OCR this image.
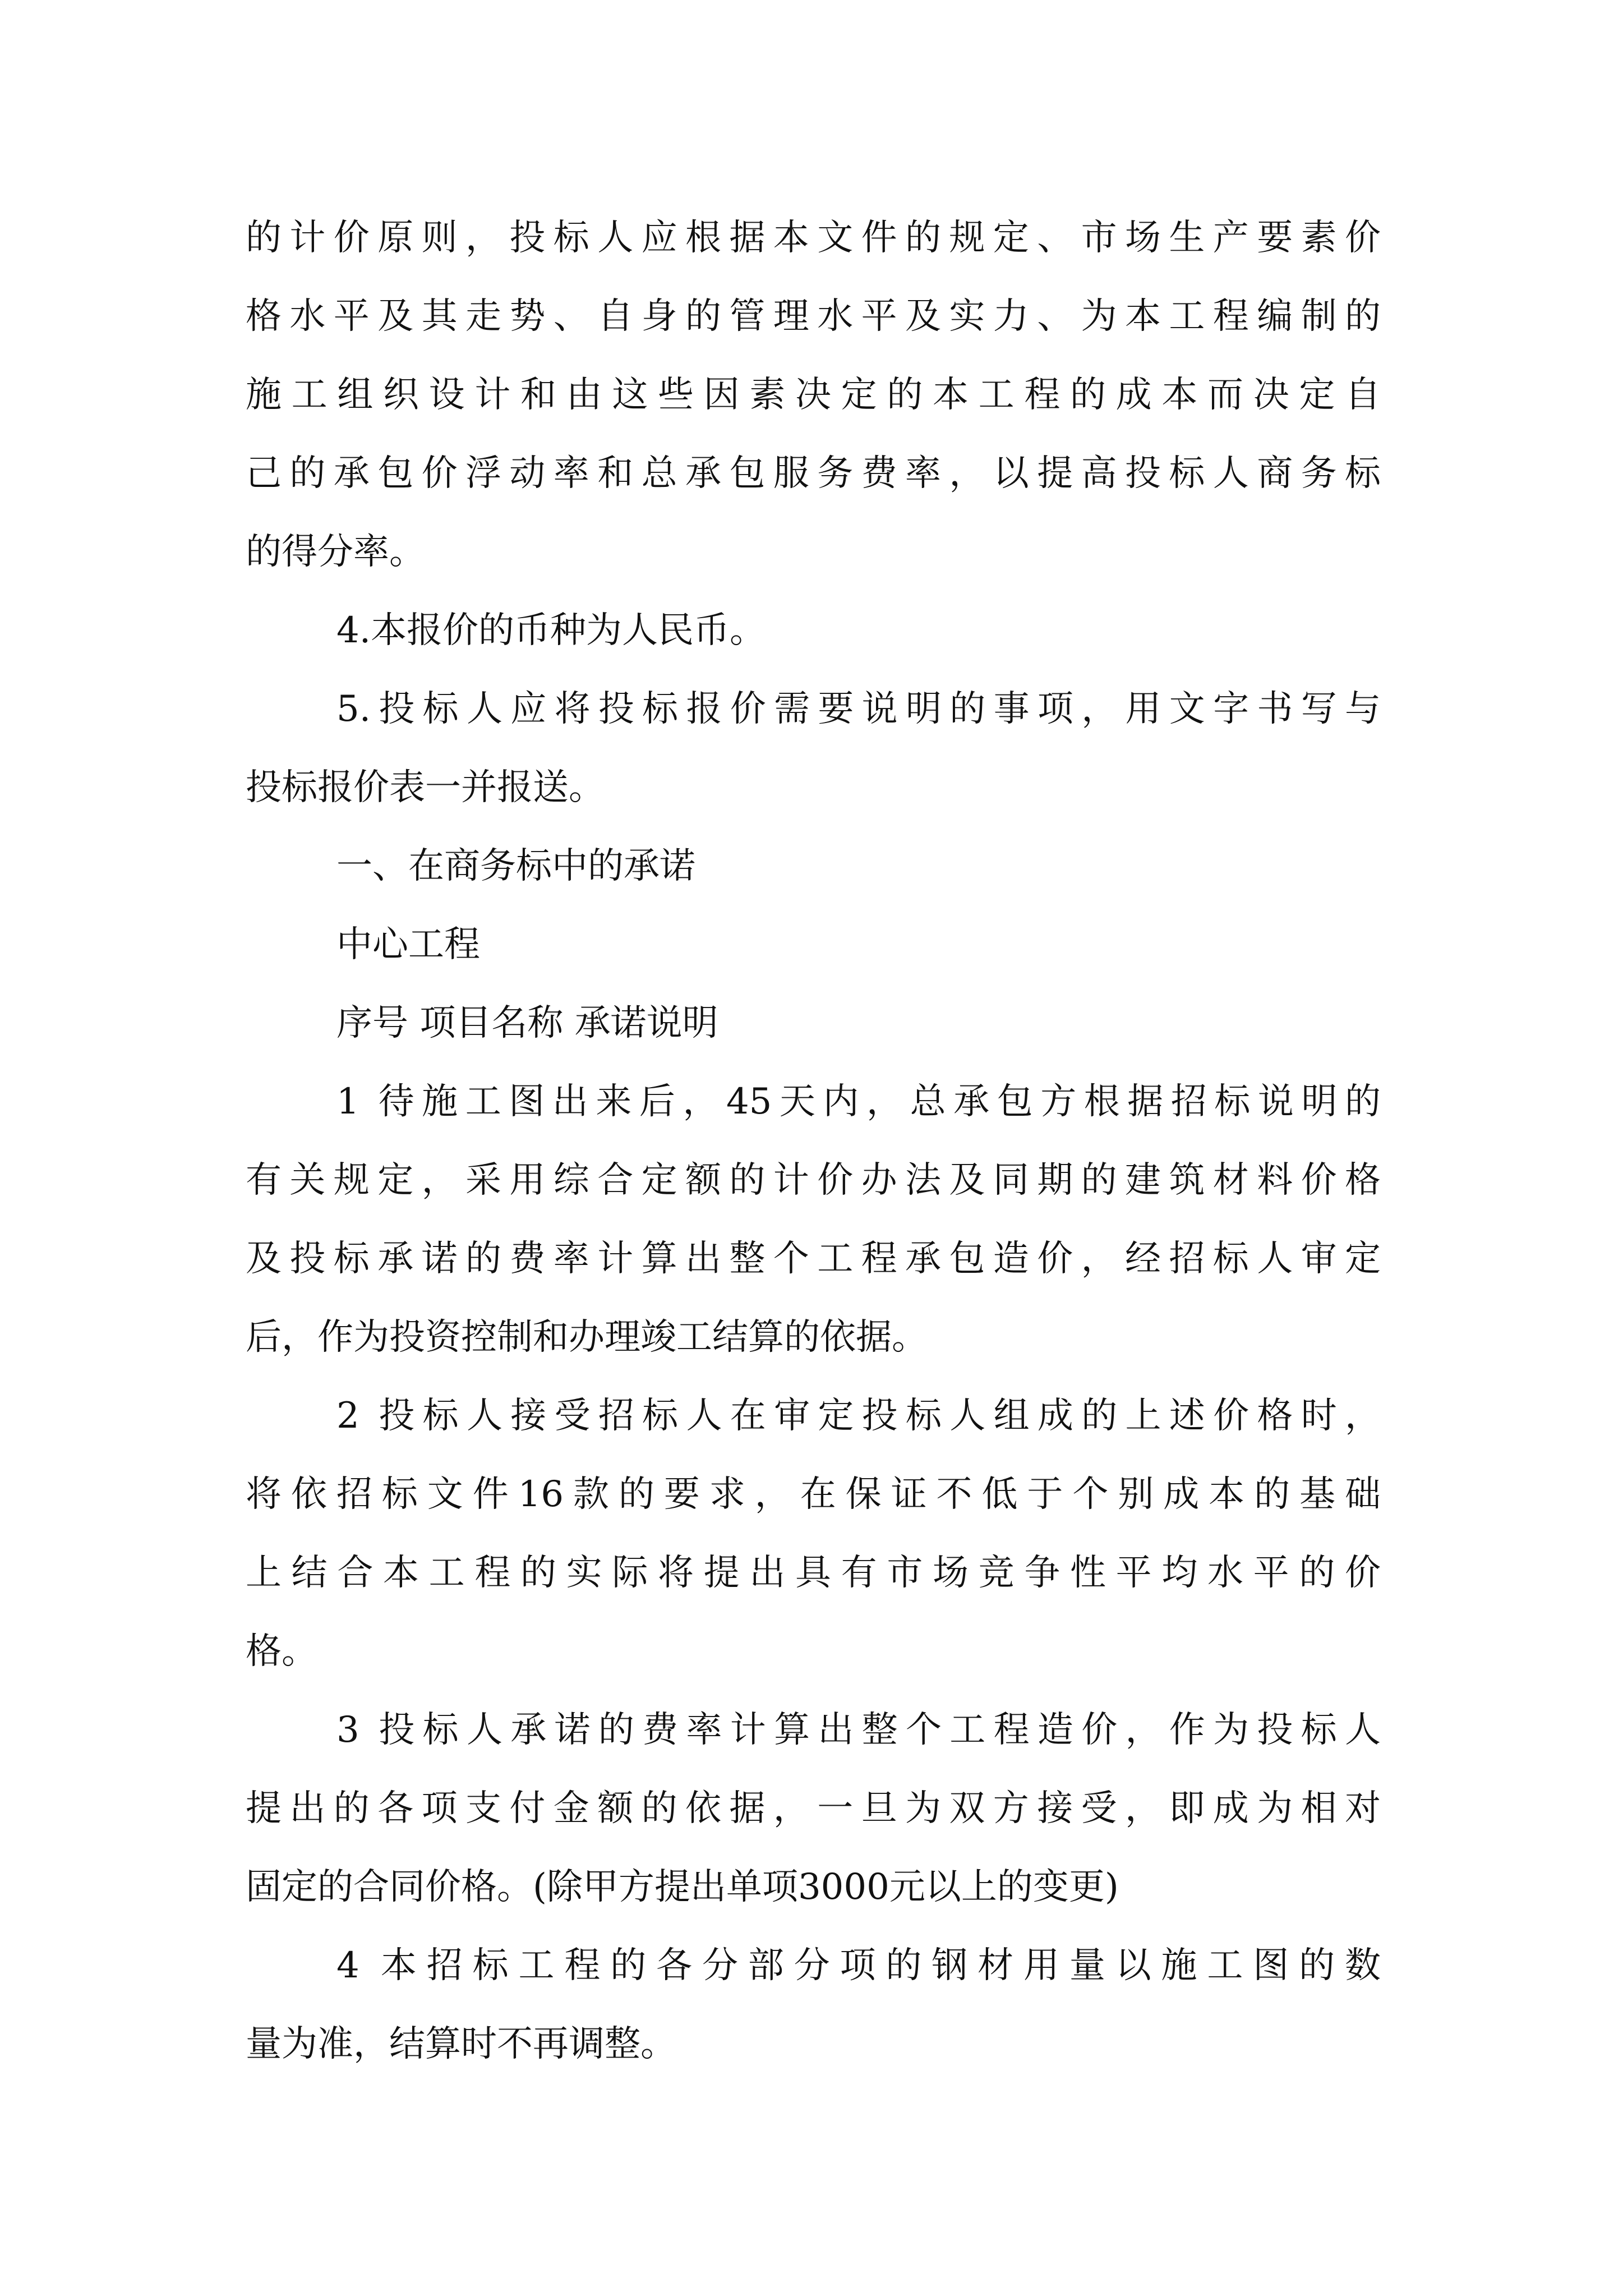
的计价原则，投标人应根据本文件的规定、市场生产要素价

格水平及其走势、自身的管理水平及实力、为本工程编制的

施工组织设计和由这些因素决定的本工程的成本而决定自

己的承包价浮动率和总承包服务费率，以提高投标人商务标

的得分率。

4.本报价的币种为人民币。

5.投标人应将投标报价需要说明的事项，用文字书写与

投标报价表一并报送。

一、在商务标中的承诺

中心工程

序号 项目名称 承诺说明

1 待施工图出来后，45天内，总承包方根据招标说明的

有关规定，采用综合定额的计价办法及同期的建筑材料价格

及投标承诺的费率计算出整个工程承包造价，经招标人审定

后，作为投资控制和办理竣工结算的依据。

2 投标人接受招标人在审定投标人组成的上述价格时，

将依招标文件16款的要求，在保证不低于个别成本的基础

上结合本工程的实际将提出具有市场竞争性平均水平的价

格。

3 投标人承诺的费率计算出整个工程造价，作为投标人

提出的各项支付金额的依据，一旦为双方接受，即成为相对

固定的合同价格。(除甲方提出单项3000元以上的变更)

4 本招标工程的各分部分项的钢材用量以施工图的数

量为准，结算时不再调整。
